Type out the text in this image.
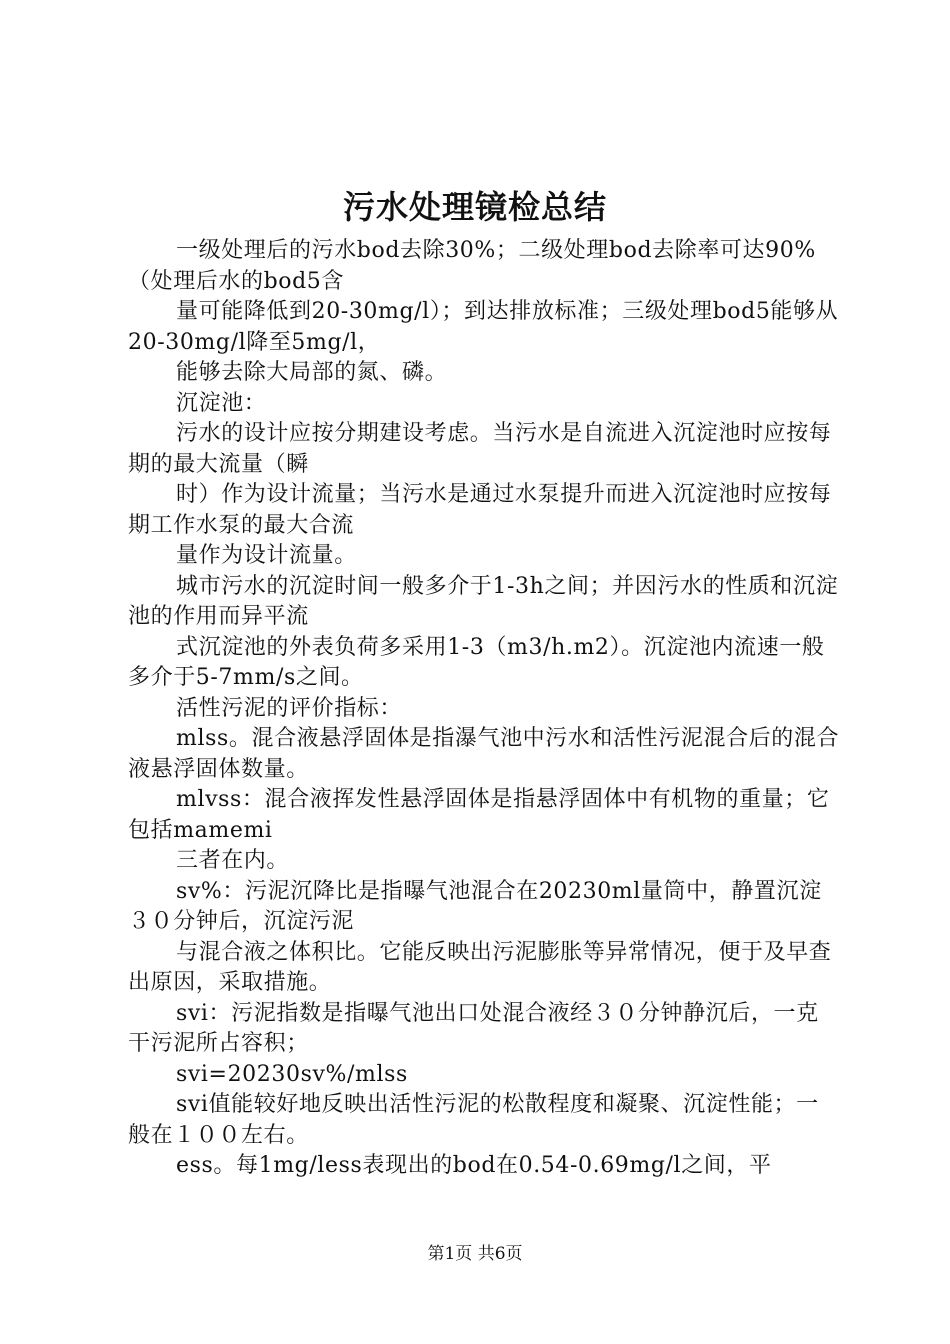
污水处理镜检总结

一级处理后的污水bod去除30%；二级处理bod去除率可达90%（处理后水的bod5含

量可能降低到20-30mg/l）；到达排放标准；三级处理bod5能够从20-30mg/l降至5mg/l，

能够去除大局部的氮、磷。

沉淀池：

污水的设计应按分期建设考虑。当污水是自流进入沉淀池时应按每期的最大流量（瞬

时）作为设计流量；当污水是通过水泵提升而进入沉淀池时应按每期工作水泵的最大合流

量作为设计流量。

城市污水的沉淀时间一般多介于1-3h之间；并因污水的性质和沉淀池的作用而异平流

式沉淀池的外表负荷多采用1-3（m3/h.m2）。沉淀池内流速一般多介于5-7mm/s之间。

活性污泥的评价指标：

mlss。混合液悬浮固体是指瀑气池中污水和活性污泥混合后的混合液悬浮固体数量。

mlvss：混合液挥发性悬浮固体是指悬浮固体中有机物的重量；它包括mamemi

三者在内。

sv%：污泥沉降比是指曝气池混合在20230ml量筒中，静置沉淀３０分钟后，沉淀污泥

与混合液之体积比。它能反映出污泥膨胀等异常情况，便于及早查出原因，采取措施。

svi：污泥指数是指曝气池出口处混合液经３０分钟静沉后，一克干污泥所占容积；

svi=20230sv%/mlss

svi值能较好地反映出活性污泥的松散程度和凝聚、沉淀性能；一般在１００左右。

ess。每1mg/less表现出的bod在0.54-0.69mg/l之间，平

第1页 共6页
